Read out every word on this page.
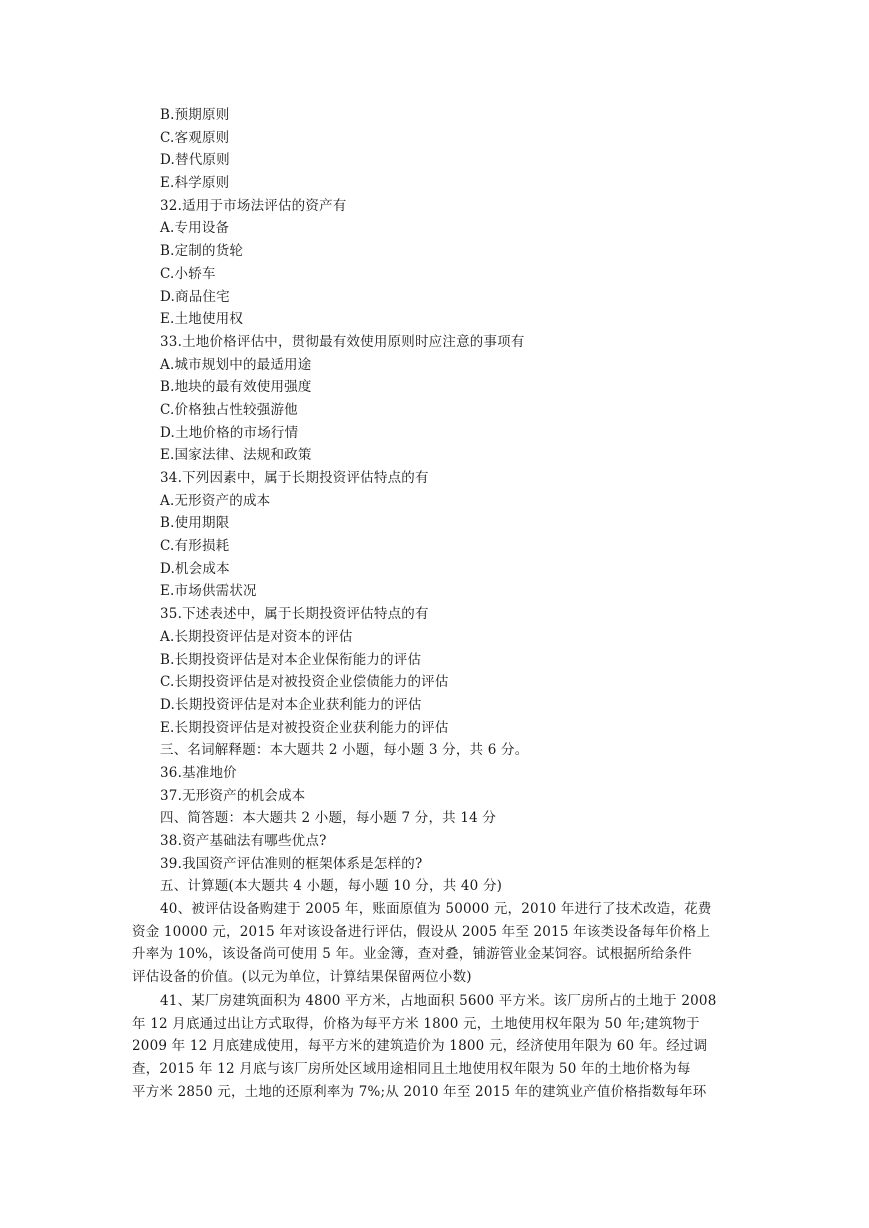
B.预期原则
C.客观原则
D.替代原则
E.科学原则
32.适用于市场法评估的资产有
A.专用设备
B.定制的货轮
C.小轿车
D.商品住宅
E.土地使用权
33.土地价格评估中，贯彻最有效使用原则时应注意的事项有
A.城市规划中的最适用途
B.地块的最有效使用强度
C.价格独占性较强游他
D.土地价格的市场行情
E.国家法律、法规和政策
34.下列因素中，属于长期投资评估特点的有
A.无形资产的成本
B.使用期限
C.有形损耗
D.机会成本
E.市场供需状况
35.下述表述中，属于长期投资评估特点的有
A.长期投资评估是对资本的评估
B.长期投资评估是对本企业保衔能力的评估
C.长期投资评估是对被投资企业偿债能力的评估
D.长期投资评估是对本企业获利能力的评估
E.长期投资评估是对被投资企业获利能力的评估
三、名词解释题：本大题共 2 小题，每小题 3 分，共 6 分。
36.基准地价
37.无形资产的机会成本
四、简答题：本大题共 2 小题，每小题 7 分，共 14 分
38.资产基础法有哪些优点?
39.我国资产评估准则的框架体系是怎样的?
五、计算题(本大题共 4 小题，每小题 10 分，共 40 分)
40、被评估设备购建于 2005 年，账面原值为 50000 元，2010 年进行了技术改造，花费
资金 10000 元，2015 年对该设备进行评估，假设从 2005 年至 2015 年该类设备每年价格上
升率为 10%，该设备尚可使用 5 年。业金簿，查对叠，铺游管业金某饲容。试根据所给条件
评估设备的价值。(以元为单位，计算结果保留两位小数)
41、某厂房建筑面积为 4800 平方米，占地面积 5600 平方米。该厂房所占的土地于 2008
年 12 月底通过出让方式取得，价格为每平方米 1800 元，土地使用权年限为 50 年;建筑物于
2009 年 12 月底建成使用，每平方米的建筑造价为 1800 元，经济使用年限为 60 年。经过调
查，2015 年 12 月底与该厂房所处区域用途相同且土地使用权年限为 50 年的土地价格为每
平方米 2850 元，土地的还原利率为 7%;从 2010 年至 2015 年的建筑业产值价格指数每年环
